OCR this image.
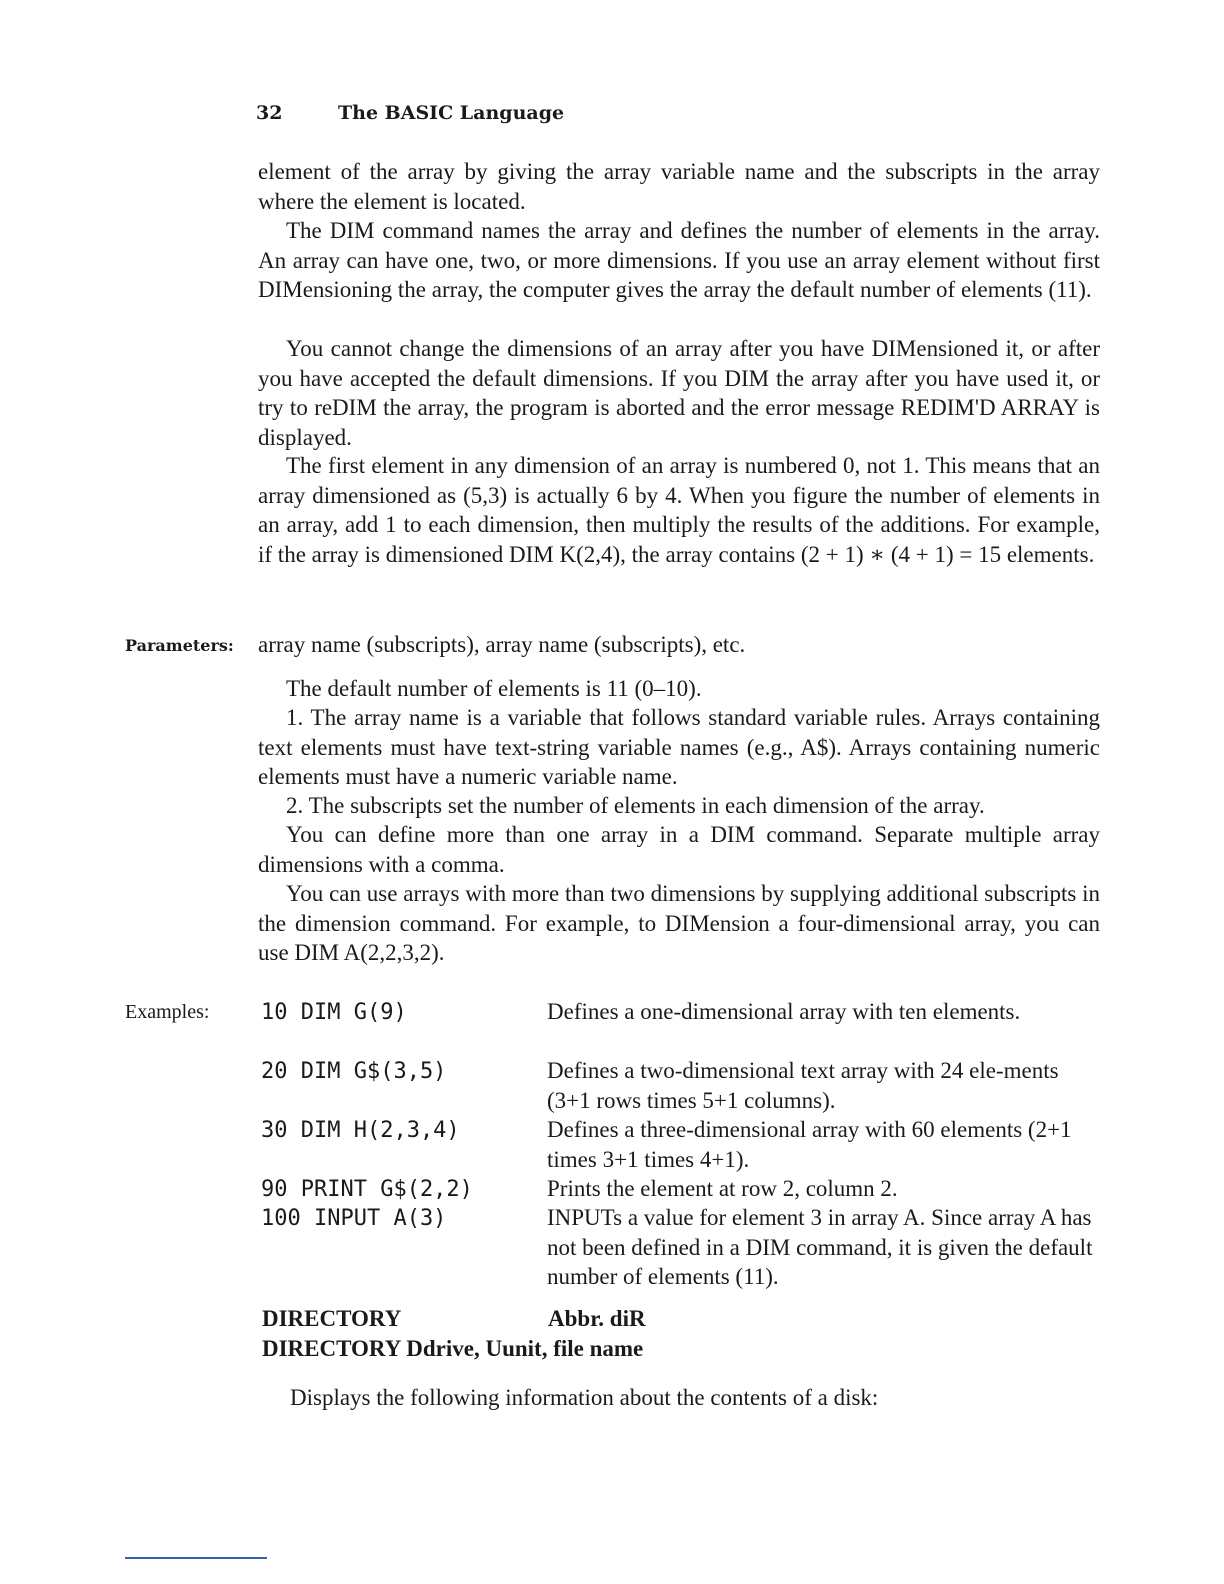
32	The BASIC Language

element of the array by giving the array variable name and the subscripts in the array where the element is located.

The DIM command names the array and defines the number of elements in the array. An array can have one, two, or more dimensions. If you use an array element without first DIMensioning the array, the computer gives the array the default number of elements (11).

You cannot change the dimensions of an array after you have DIMensioned it, or after you have accepted the default dimensions. If you DIM the array after you have used it, or try to reDIM the array, the program is aborted and the error message REDIM'D ARRAY is displayed.

The first element in any dimension of an array is numbered 0, not 1. This means that an array dimensioned as (5,3) is actually 6 by 4. When you figure the number of elements in an array, add 1 to each dimension, then multiply the results of the additions. For example, if the array is dimensioned DIM K(2,4), the array contains (2 + 1) ∗ (4 + 1) = 15 elements.

Parameters: array name (subscripts), array name (subscripts), etc.

The default number of elements is 11 (0–10).

1. The array name is a variable that follows standard variable rules. Arrays containing text elements must have text-string variable names (e.g., A$). Arrays containing numeric elements must have a numeric variable name.

2. The subscripts set the number of elements in each dimension of the array.

You can define more than one array in a DIM command. Separate multiple array dimensions with a comma.

You can use arrays with more than two dimensions by supplying additional subscripts in the dimension command. For example, to DIMension a four-dimensional array, you can use DIM A(2,2,3,2).

Examples: 10 DIM G(9)	Defines a one-dimensional array with ten elements.
20 DIM G$(3,5)	Defines a two-dimensional text array with 24 ele-ments (3+1 rows times 5+1 columns).
30 DIM H(2,3,4)	Defines a three-dimensional array with 60 elements (2+1 times 3+1 times 4+1).
90 PRINT G$(2,2)	Prints the element at row 2, column 2.
100 INPUT A(3)	INPUTs a value for element 3 in array A. Since array A has not been defined in a DIM command, it is given the default number of elements (11).
DIRECTORY	Abbr. diR
DIRECTORY Ddrive, Uunit, file name

Displays the following information about the contents of a disk:
